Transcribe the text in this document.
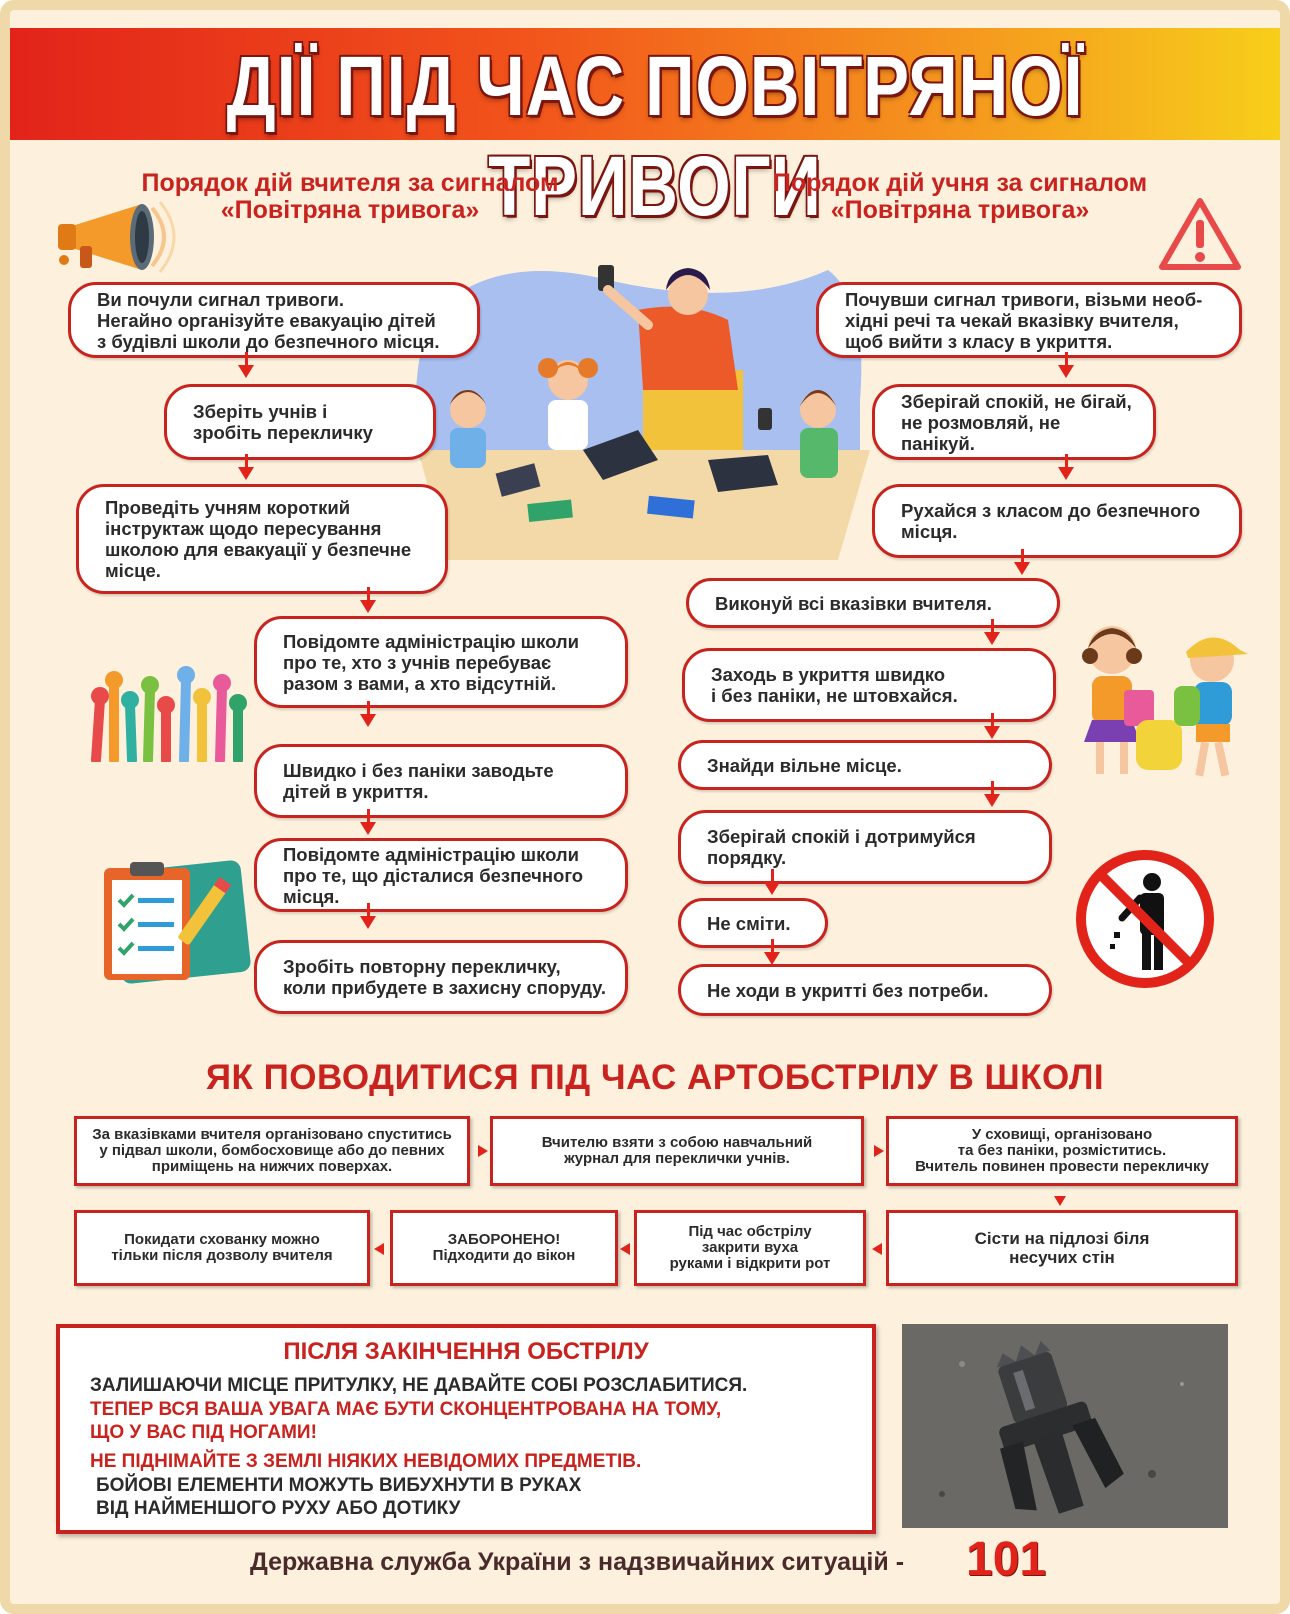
ДІЇ ПІД ЧАС ПОВІТРЯНОЇ ТРИВОГИ
Порядок дій вчителя за сигналом
«Повітряна тривога»
Порядок дій учня за сигналом
«Повітряна тривога»
Ви почули сигнал тривоги.
Негайно організуйте евакуацію дітей
з будівлі школи до безпечного місця.
Зберіть учнів і
зробіть перекличку
Проведіть учням короткий
інструктаж щодо пересування
школою для евакуації у безпечне
місце.
Повідомте адміністрацію школи
про те, хто з учнів перебуває
разом з вами, а хто відсутній.
Швидко і без паніки заводьте
дітей в укриття.
Повідомте адміністрацію школи
про те, що дісталися безпечного
місця.
Зробіть повторну перекличку,
коли прибудете в захисну споруду.
Почувши сигнал тривоги, візьми необ-
хідні речі та чекай вказівку вчителя,
щоб вийти з класу в укриття.
Зберігай спокій, не бігай,
не розмовляй, не панікуй.
Рухайся з класом до безпечного
місця.
Виконуй всі вказівки вчителя.
Заходь в укриття швидко
і без паніки, не штовхайся.
Знайди вільне місце.
Зберігай спокій і дотримуйся
порядку.
Не сміти.
Не ходи в укритті без потреби.
ЯК ПОВОДИТИСЯ ПІД ЧАС АРТОБСТРІЛУ В ШКОЛІ
За вказівками вчителя організовано спуститись
у підвал школи, бомбосховище або до певних
приміщень на нижчих поверхах.
Вчителю взяти з собою навчальний
журнал для переклички учнів.
У сховищі, організовано
та без паніки, розміститись.
Вчитель повинен провести перекличку
Сісти на підлозі біля
несучих стін
Під час обстрілу
закрити вуха
руками і відкрити рот
ЗАБОРОНЕНО!
Підходити до вікон
Покидати схованку можно
тільки після дозволу вчителя
ПІСЛЯ ЗАКІНЧЕННЯ ОБСТРІЛУ
ЗАЛИШАЮЧИ МІСЦЕ ПРИТУЛКУ, НЕ ДАВАЙТЕ СОБІ РОЗСЛАБИТИСЯ.
ТЕПЕР ВСЯ ВАША УВАГА МАЄ БУТИ СКОНЦЕНТРОВАНА НА ТОМУ,
ЩО У ВАС ПІД НОГАМИ!
НЕ ПІДНІМАЙТЕ З ЗЕМЛІ НІЯКИХ НЕВІДОМИХ ПРЕДМЕТІВ.
БОЙОВІ ЕЛЕМЕНТИ МОЖУТЬ ВИБУХНУТИ В РУКАХ
ВІД НАЙМЕНШОГО РУХУ АБО ДОТИКУ
Державна служба України з надзвичайних ситуацій - 101
